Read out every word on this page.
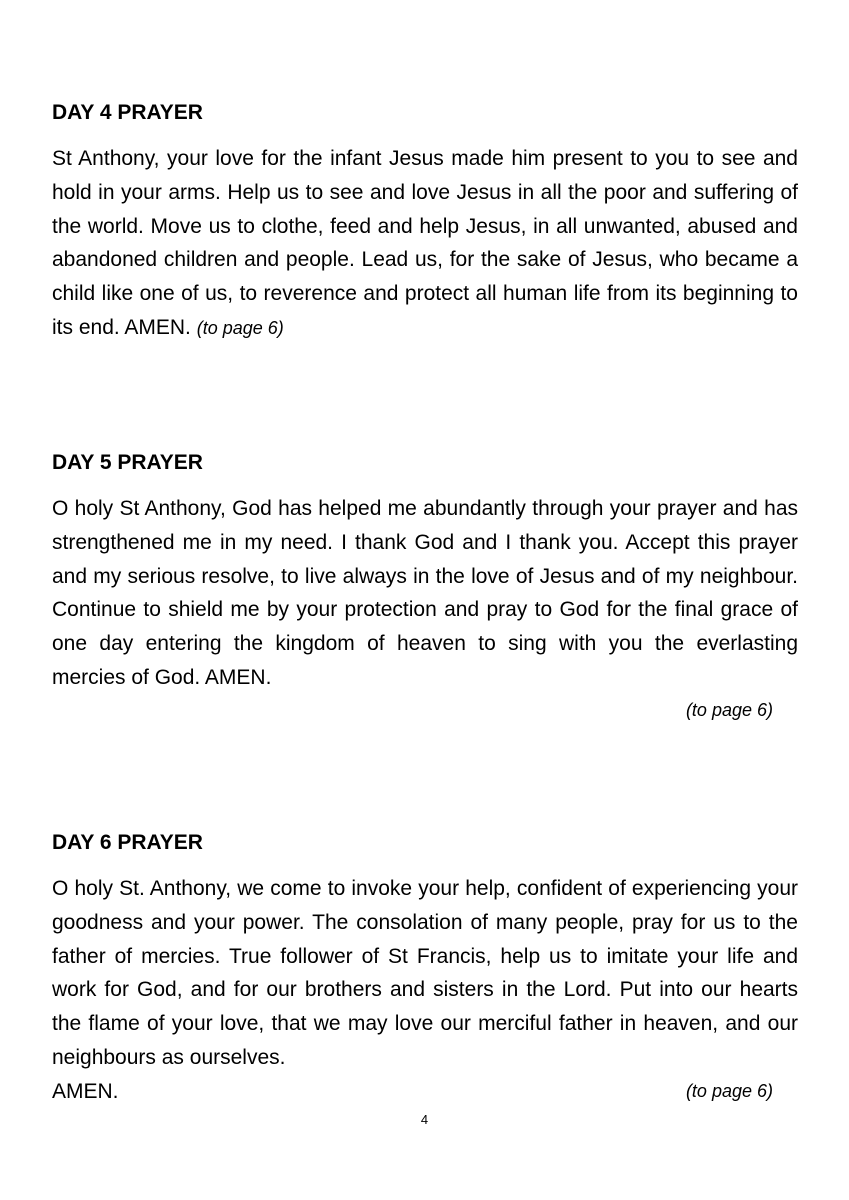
DAY 4 PRAYER

St Anthony, your love for the infant Jesus made him present to you to see and hold in your arms. Help us to see and love Jesus in all the poor and suffering of the world. Move us to clothe, feed and help Jesus, in all unwanted, abused and abandoned children and people. Lead us, for the sake of Jesus, who became a child like one of us, to reverence and protect all human life from its beginning to its end. AMEN. (to page 6)

DAY 5 PRAYER

O holy St Anthony, God has helped me abundantly through your prayer and has strengthened me in my need. I thank God and I thank you. Accept this prayer and my serious resolve, to live always in the love of Jesus and of my neighbour. Continue to shield me by your protection and pray to God for the final grace of one day entering the kingdom of heaven to sing with you the everlasting mercies of God. AMEN.

(to page 6)

DAY 6 PRAYER

O holy St. Anthony, we come to invoke your help, confident of experiencing your goodness and your power. The consolation of many people, pray for us to the father of mercies. True follower of St Francis, help us to imitate your life and work for God, and for our brothers and sisters in the Lord. Put into our hearts the flame of your love, that we may love our merciful father in heaven, and our neighbours as ourselves.

AMEN.	(to page 6)
4
